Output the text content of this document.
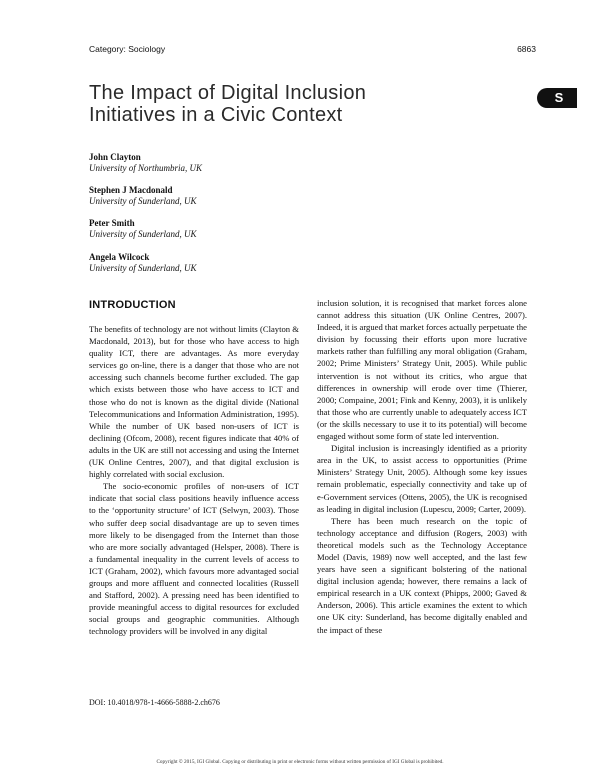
Category: Sociology	6863
The Impact of Digital Inclusion
Initiatives in a Civic Context
S
John Clayton
University of Northumbria, UK
Stephen J Macdonald
University of Sunderland, UK
Peter Smith
University of Sunderland, UK
Angela Wilcock
University of Sunderland, UK
INTRODUCTION

The benefits of technology are not without limits (Clayton & Macdonald, 2013), but for those who have access to high quality ICT, there are advantages. As more everyday services go on-line, there is a danger that those who are not accessing such channels become further excluded. The gap which exists between those who have access to ICT and those who do not is known as the digital divide (National Telecommunications and Information Administration, 1995). While the number of UK based non-users of ICT is declining (Ofcom, 2008), recent figures indicate that 40% of adults in the UK are still not accessing and using the Internet (UK Online Centres, 2007), and that digital exclusion is highly correlated with social exclusion.

The socio-economic profiles of non-users of ICT indicate that social class positions heavily influence access to the ‘opportunity structure’ of ICT (Selwyn, 2003). Those who suffer deep social disadvantage are up to seven times more likely to be disengaged from the Internet than those who are more socially advantaged (Helsper, 2008). There is a fundamental inequality in the current levels of access to ICT (Graham, 2002), which favours more advantaged social groups and more affluent and connected localities (Russell and Stafford, 2002). A pressing need has been identified to provide meaningful access to digital resources for excluded social groups and geographic communities. Although technology providers will be involved in any digital

inclusion solution, it is recognised that market forces alone cannot address this situation (UK Online Centres, 2007). Indeed, it is argued that market forces actually perpetuate the division by focussing their efforts upon more lucrative markets rather than fulfilling any moral obligation (Graham, 2002; Prime Ministers’ Strategy Unit, 2005). While public intervention is not without its critics, who argue that differences in ownership will erode over time (Thierer, 2000; Compaine, 2001; Fink and Kenny, 2003), it is unlikely that those who are currently unable to adequately access ICT (or the skills necessary to use it to its potential) will become engaged without some form of state led intervention.

Digital inclusion is increasingly identified as a priority area in the UK, to assist access to opportunities (Prime Ministers’ Strategy Unit, 2005). Although some key issues remain problematic, especially connectivity and take up of e-Government services (Ottens, 2005), the UK is recognised as leading in digital inclusion (Lupescu, 2009; Carter, 2009).

There has been much research on the topic of technology acceptance and diffusion (Rogers, 2003) with theoretical models such as the Technology Acceptance Model (Davis, 1989) now well accepted, and the last few years have seen a significant bolstering of the national digital inclusion agenda; however, there remains a lack of empirical research in a UK context (Phipps, 2000; Gaved & Anderson, 2006). This article examines the extent to which one UK city: Sunderland, has become digitally enabled and the impact of these

DOI: 10.4018/978-1-4666-5888-2.ch676
Copyright © 2015, IGI Global. Copying or distributing in print or electronic forms without written permission of IGI Global is prohibited.
